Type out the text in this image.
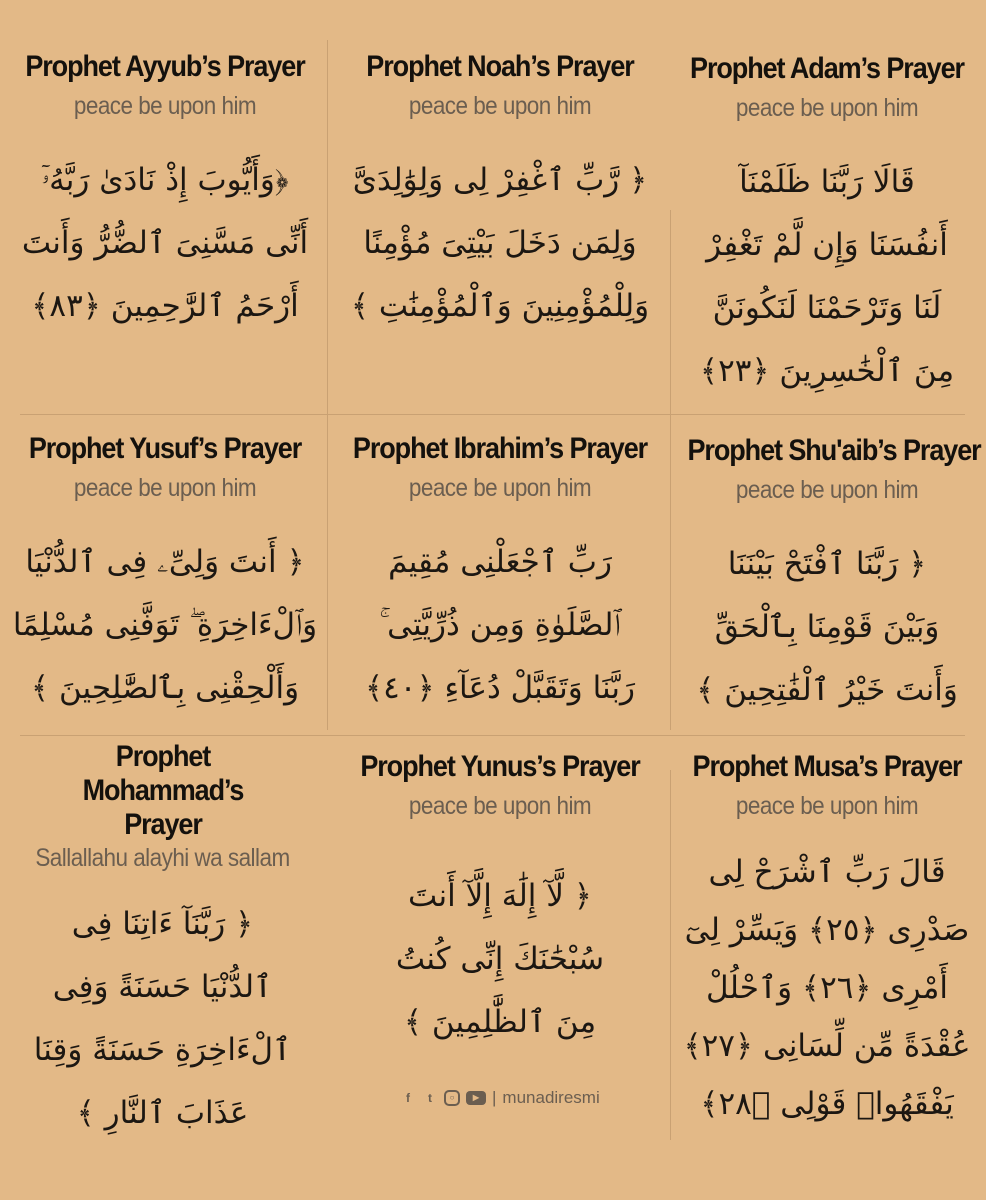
Prophet Ayyub’s Prayer
peace be upon him
﴿وَأَيُّوبَ إِذْ نَادَىٰ رَبَّهُۥٓ
أَنِّى مَسَّنِىَ ٱلضُّرُّ وَأَنتَ
أَرْحَمُ ٱلرَّٰحِمِينَ ﴿٨٣﴾
Prophet Noah’s Prayer
peace be upon him
﴿ رَّبِّ ٱغْفِرْ لِى وَلِوَٰلِدَىَّ
وَلِمَن دَخَلَ بَيْتِىَ مُؤْمِنًا
وَلِلْمُؤْمِنِينَ وَٱلْمُؤْمِنَٰتِ ﴾
Prophet Adam’s Prayer
peace be upon him
قَالَا رَبَّنَا ظَلَمْنَآ
أَنفُسَنَا وَإِن لَّمْ تَغْفِرْ
لَنَا وَتَرْحَمْنَا لَنَكُونَنَّ
مِنَ ٱلْخَٰسِرِينَ ﴿٢٣﴾
Prophet Yusuf’s Prayer
peace be upon him
﴿ أَنتَ وَلِىِّۦ فِى ٱلدُّنْيَا
وَٱلْءَاخِرَةِ ۖ تَوَفَّنِى مُسْلِمًا
وَأَلْحِقْنِى بِٱلصَّٰلِحِينَ ﴾
Prophet Ibrahim’s Prayer
peace be upon him
رَبِّ ٱجْعَلْنِى مُقِيمَ
ٱلصَّلَوٰةِ وَمِن ذُرِّيَّتِى ۚ
رَبَّنَا وَتَقَبَّلْ دُعَآءِ ﴿٤٠﴾
Prophet Shu'aib’s Prayer
peace be upon him
﴿ رَبَّنَا ٱفْتَحْ بَيْنَنَا
وَبَيْنَ قَوْمِنَا بِٱلْحَقِّ
وَأَنتَ خَيْرُ ٱلْفَٰتِحِينَ ﴾
Prophet Mohammad’s Prayer
Sallallahu alayhi wa sallam
﴿ رَبَّنَآ ءَاتِنَا فِى
ٱلدُّنْيَا حَسَنَةً وَفِى
ٱلْءَاخِرَةِ حَسَنَةً وَقِنَا
عَذَابَ ٱلنَّارِ ﴾
Prophet Yunus’s Prayer
peace be upon him
﴿ لَّآ إِلَٰهَ إِلَّآ أَنتَ
سُبْحَٰنَكَ إِنِّى كُنتُ
مِنَ ٱلظَّٰلِمِينَ ﴾
Prophet Musa’s Prayer
peace be upon him
قَالَ رَبِّ ٱشْرَحْ لِى
صَدْرِى ﴿٢٥﴾ وَيَسِّرْ لِىٓ
أَمْرِى ﴿٢٦﴾ وَٱحْلُلْ
عُقْدَةً مِّن لِّسَانِى ﴿٢٧﴾
يَفْقَهُوا۟ قَوْلِى ﴿٢٨﴾
f	t	○	▶ | munadiresmi
